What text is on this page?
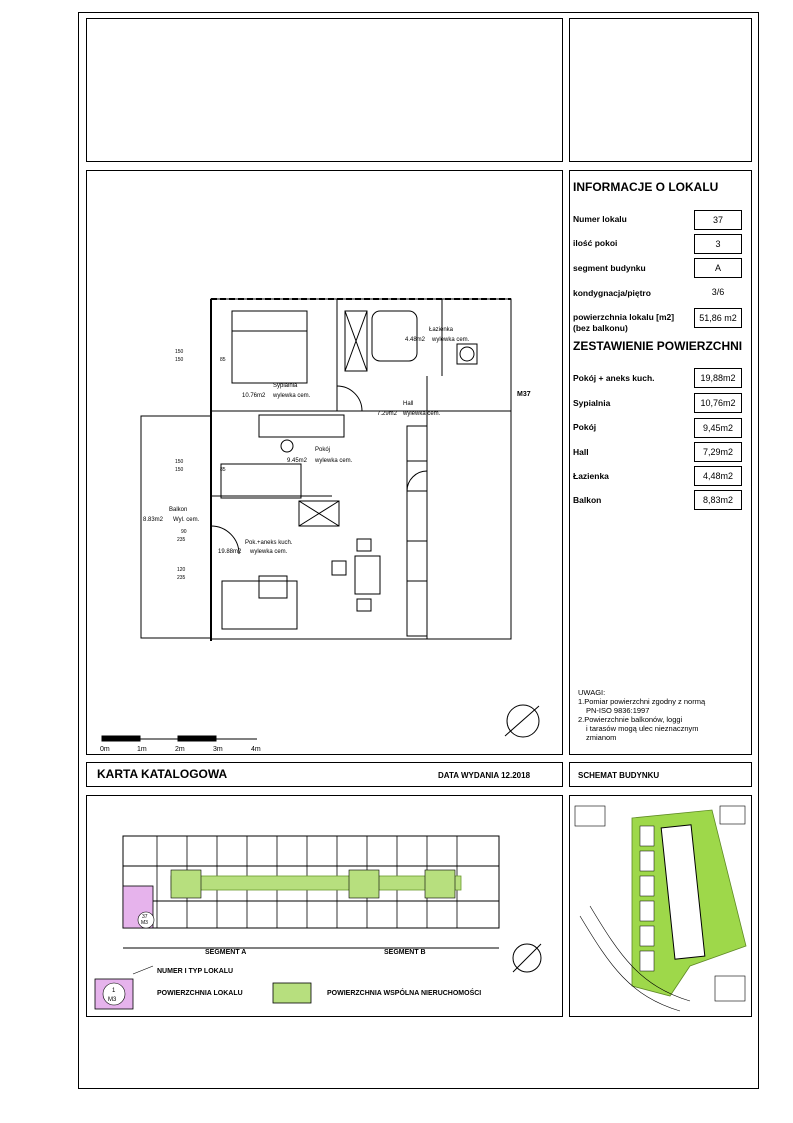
150
150	85
150
150	85
90
235
120
235
Sypialnia
10.76m2 wylewka cem.
Łazienka
4.48m2 wylewka cem.
Hall
7.29m2 wylewka cem.
Pokój
9.45m2 wylewka cem.
Pok.+aneks kuch.
19.88m2 wylewka cem.
Balkon
8.83m2 Wyl. cem.
M37
0m	1m	2m	3m	4m
INFORMACJE O LOKALU
Numer lokalu	37
ilość pokoi	3
segment budynku	A
kondygnacja/piętro	3/6
powierzchnia lokalu [m2] (bez balkonu)
51,86 m2
ZESTAWIENIE POWIERZCHNI
Pokój + aneks kuch.	19,88m2
Sypialnia	10,76m2
Pokój	9,45m2
Hall	7,29m2
Łazienka	4,48m2
Balkon	8,83m2
UWAGI:
1.Pomiar powierzchni zgodny z normą
PN-ISO 9836:1997
2.Powierzchnie balkonów, loggi
i tarasów mogą ulec nieznacznym
zmianom
KARTA KATALOGOWA	DATA WYDANIA 12.2018	SCHEMAT BUDYNKU
37
M3
SEGMENT A	SEGMENT B
1
M3
NUMER I TYP LOKALU
POWIERZCHNIA LOKALU	POWIERZCHNIA WSPÓLNA NIERUCHOMOŚCI
